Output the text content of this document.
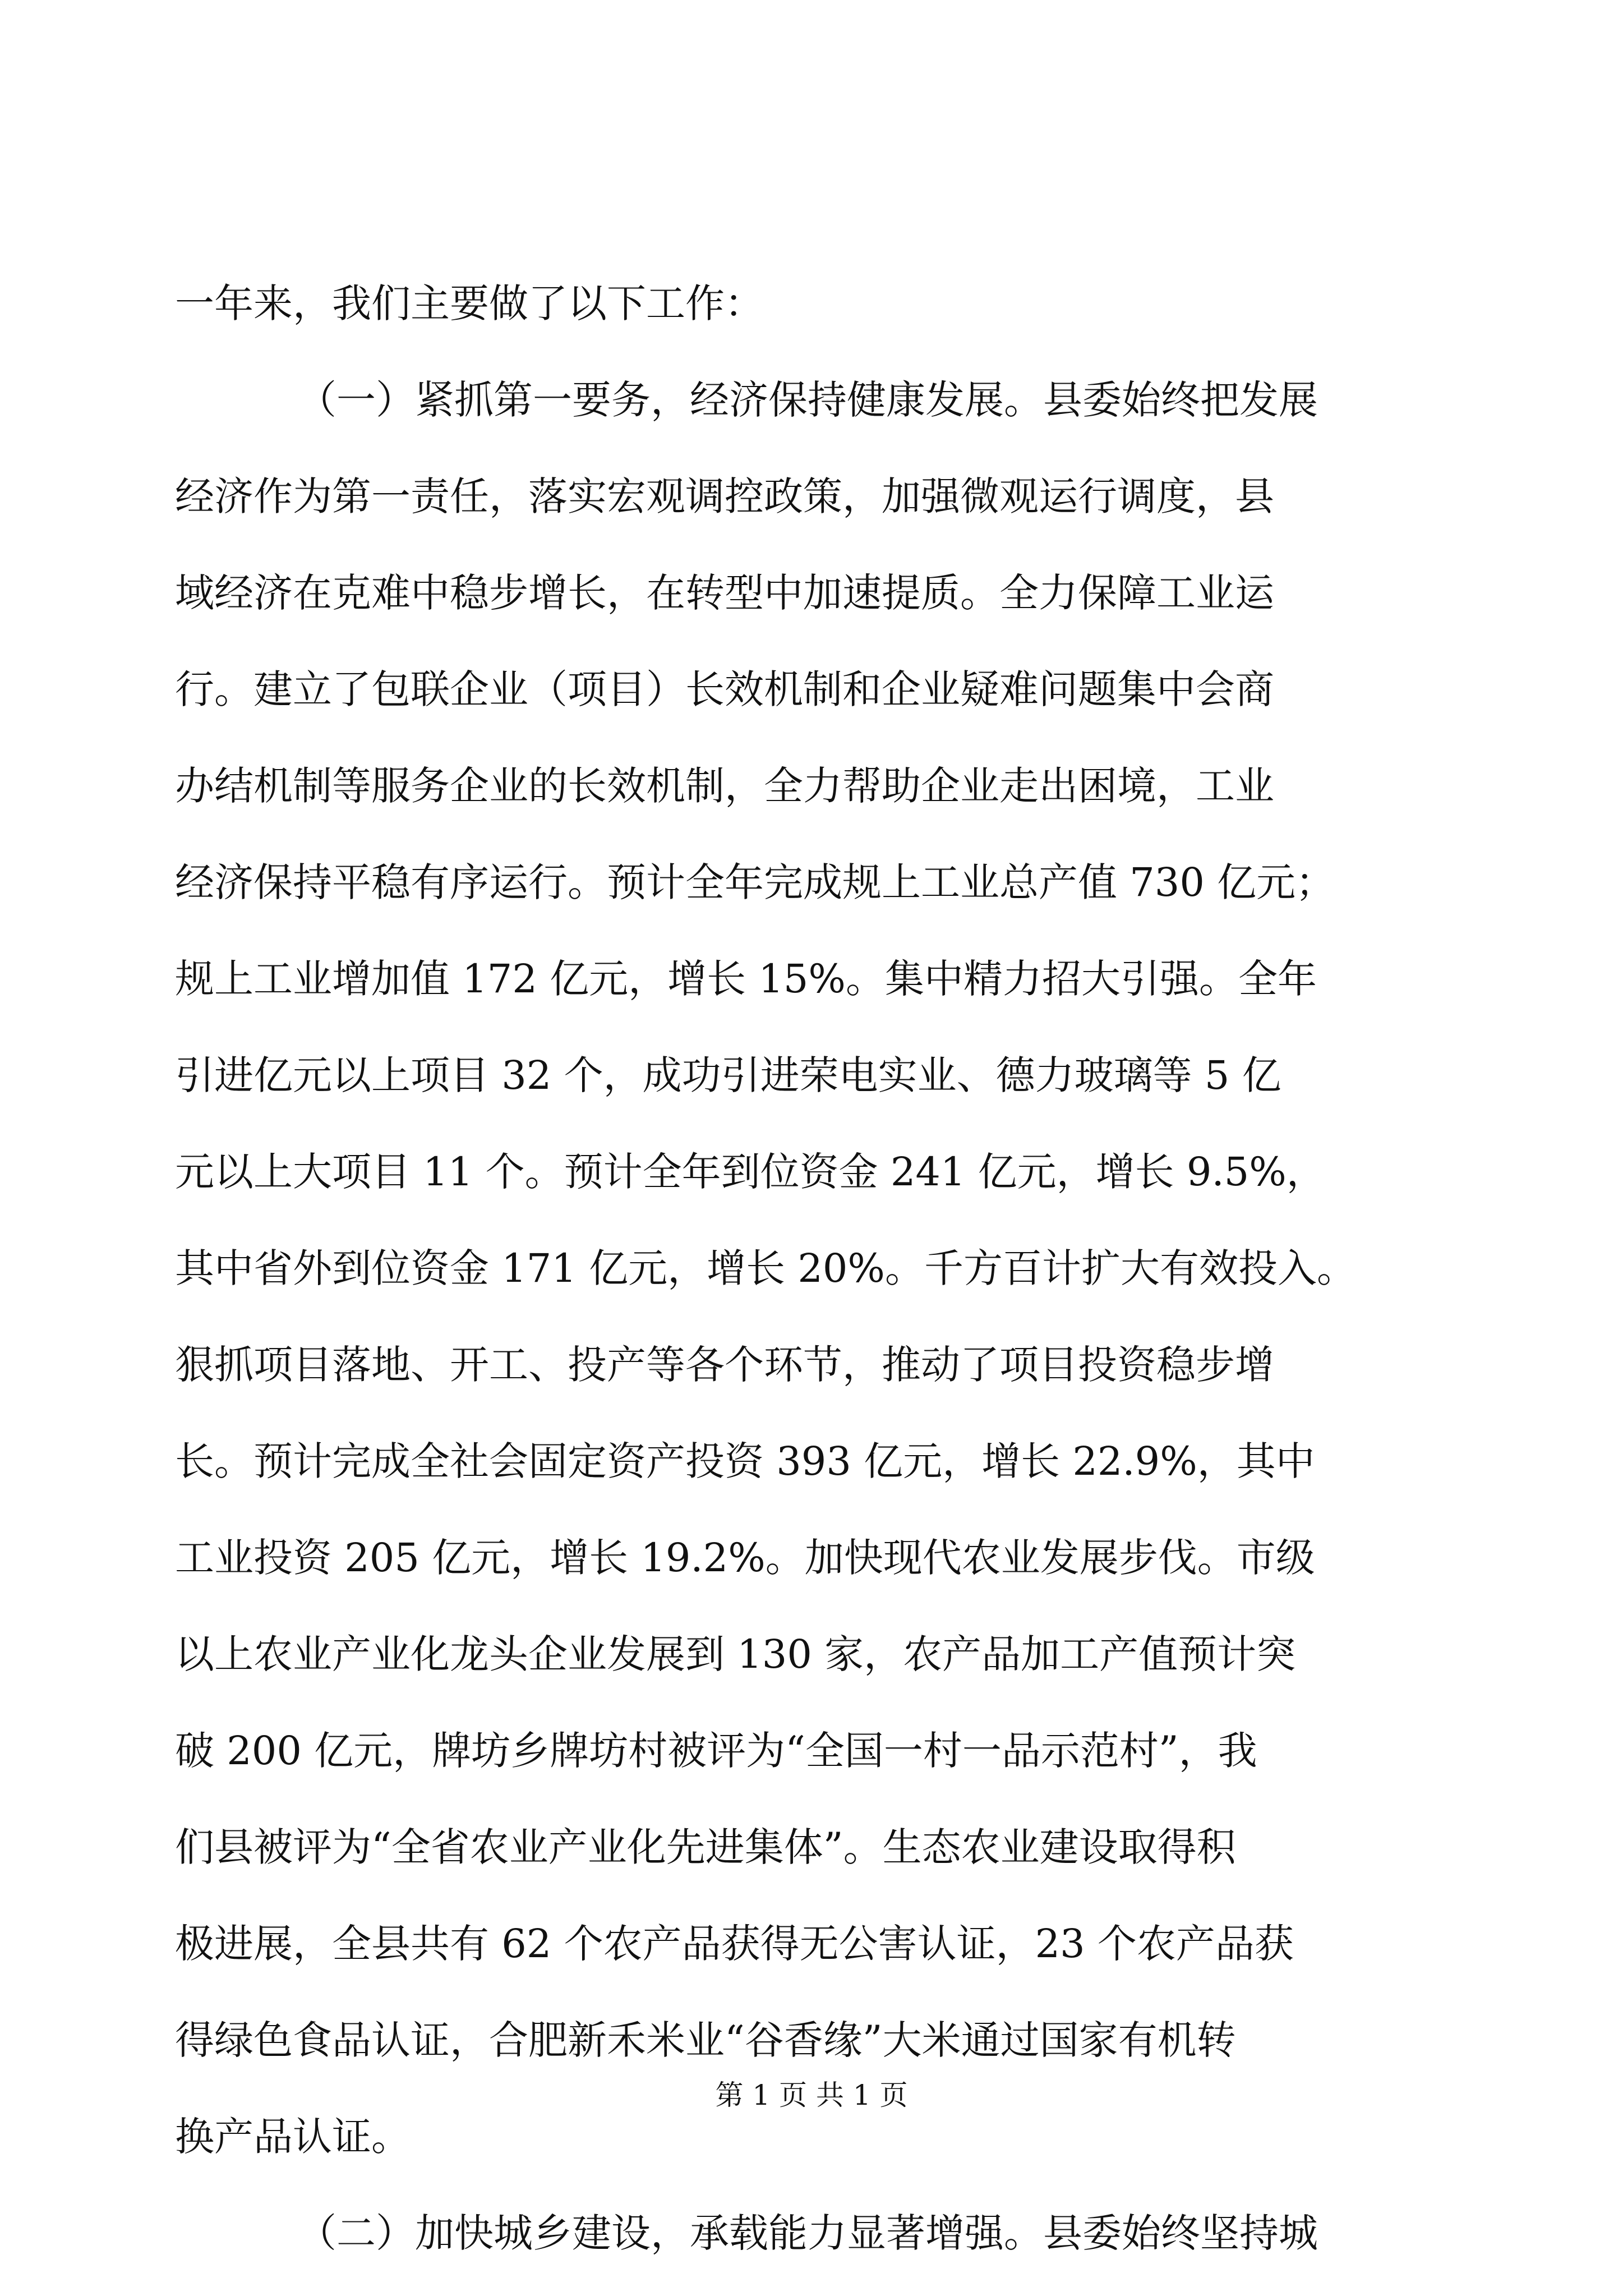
一年来，我们主要做了以下工作：
（一）紧抓第一要务，经济保持健康发展。县委始终把发展
经济作为第一责任，落实宏观调控政策，加强微观运行调度，县
域经济在克难中稳步增长，在转型中加速提质。全力保障工业运
行。建立了包联企业（项目）长效机制和企业疑难问题集中会商
办结机制等服务企业的长效机制，全力帮助企业走出困境，工业
经济保持平稳有序运行。预计全年完成规上工业总产值 730 亿元；
规上工业增加值 172 亿元，增长 15%。集中精力招大引强。全年
引进亿元以上项目 32 个，成功引进荣电实业、德力玻璃等 5 亿
元以上大项目 11 个。预计全年到位资金 241 亿元，增长 9.5%，
其中省外到位资金 171 亿元，增长 20%。千方百计扩大有效投入。
狠抓项目落地、开工、投产等各个环节，推动了项目投资稳步增
长。预计完成全社会固定资产投资 393 亿元，增长 22.9%，其中
工业投资 205 亿元，增长 19.2%。加快现代农业发展步伐。市级
以上农业产业化龙头企业发展到 130 家，农产品加工产值预计突
破 200 亿元，牌坊乡牌坊村被评为“全国一村一品示范村”，我
们县被评为“全省农业产业化先进集体”。生态农业建设取得积
极进展，全县共有 62 个农产品获得无公害认证，23 个农产品获
得绿色食品认证，合肥新禾米业“谷香缘”大米通过国家有机转
换产品认证。
（二）加快城乡建设，承载能力显著增强。县委始终坚持城
第 1 页 共 1 页
